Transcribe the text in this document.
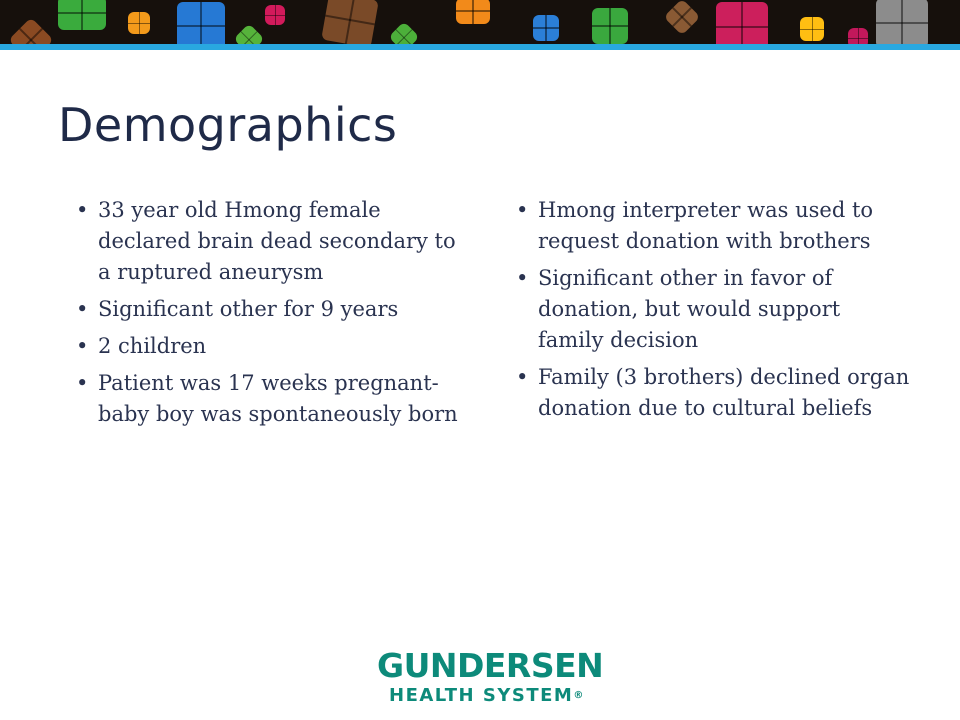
Demographics
• 33 year old Hmong female declared brain dead secondary to a ruptured aneurysm
• Significant other for 9 years
• 2 children
• Patient was 17 weeks pregnant-baby boy was spontaneously born
• Hmong interpreter was used to request donation with brothers
• Significant other in favor of donation, but would support family decision
• Family (3 brothers) declined organ donation due to cultural beliefs
GUNDERSEN
HEALTH SYSTEM®
